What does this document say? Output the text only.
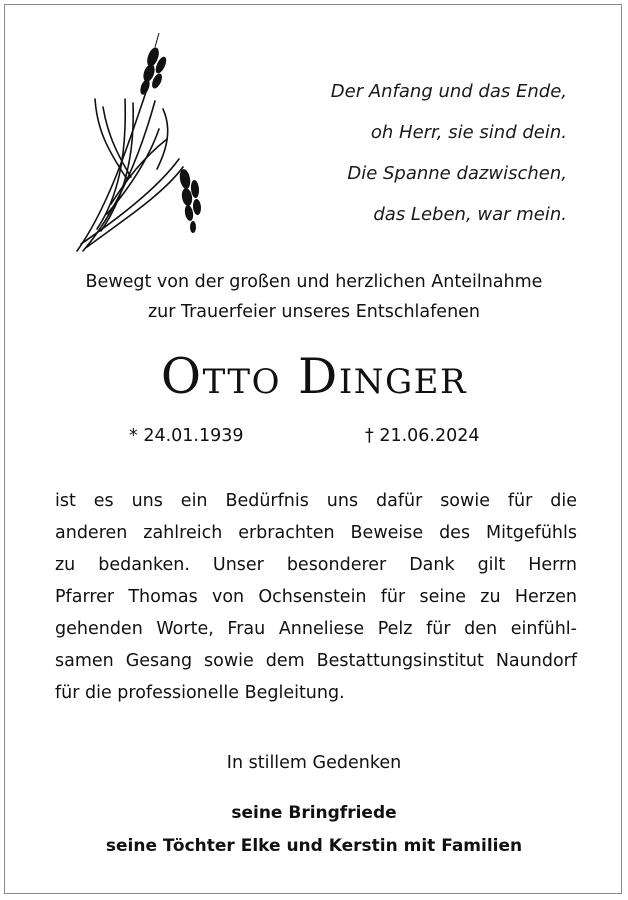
Der Anfang und das Ende,
oh Herr, sie sind dein.
Die Spanne dazwischen,
das Leben, war mein.
Bewegt von der großen und herzlichen Anteilnahme
zur Trauerfeier unseres Entschlafenen
Otto Dinger
* 24.01.1939	† 21.06.2024
ist es uns ein Bedürfnis uns dafür sowie für die
anderen zahlreich erbrachten Beweise des Mitgefühls
zu bedanken. Unser besonderer Dank gilt Herrn
Pfarrer Thomas von Ochsenstein für seine zu Herzen
gehenden Worte, Frau Anneliese Pelz für den einfühl-
samen Gesang sowie dem Bestattungsinstitut Naundorf
für die professionelle Begleitung.
In stillem Gedenken
seine Bringfriede
seine Töchter Elke und Kerstin mit Familien
